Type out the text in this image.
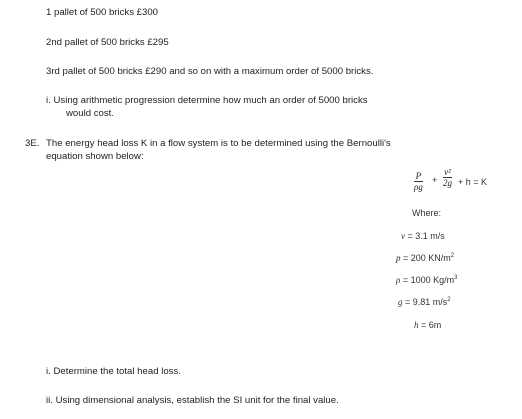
1 pallet of 500 bricks £300
2nd pallet of 500 bricks £295
3rd pallet of 500 bricks £290 and so on with a maximum order of 5000 bricks.
i. Using arithmetic progression determine how much an order of 5000 bricks
would cost.
3E. The energy head loss K in a flow system is to be determined using the Bernoulli's
equation shown below:
P
ρg
+
v²
2g + h = K
Where:
v = 3.1 m/s
p = 200 $KN/m^2$
ρ = 1000 $Kg/m^3$
g = 9.81 $m/s^2$
h = 6m
i. Determine the total head loss.
ii. Using dimensional analysis, establish the SI unit for the final value.
